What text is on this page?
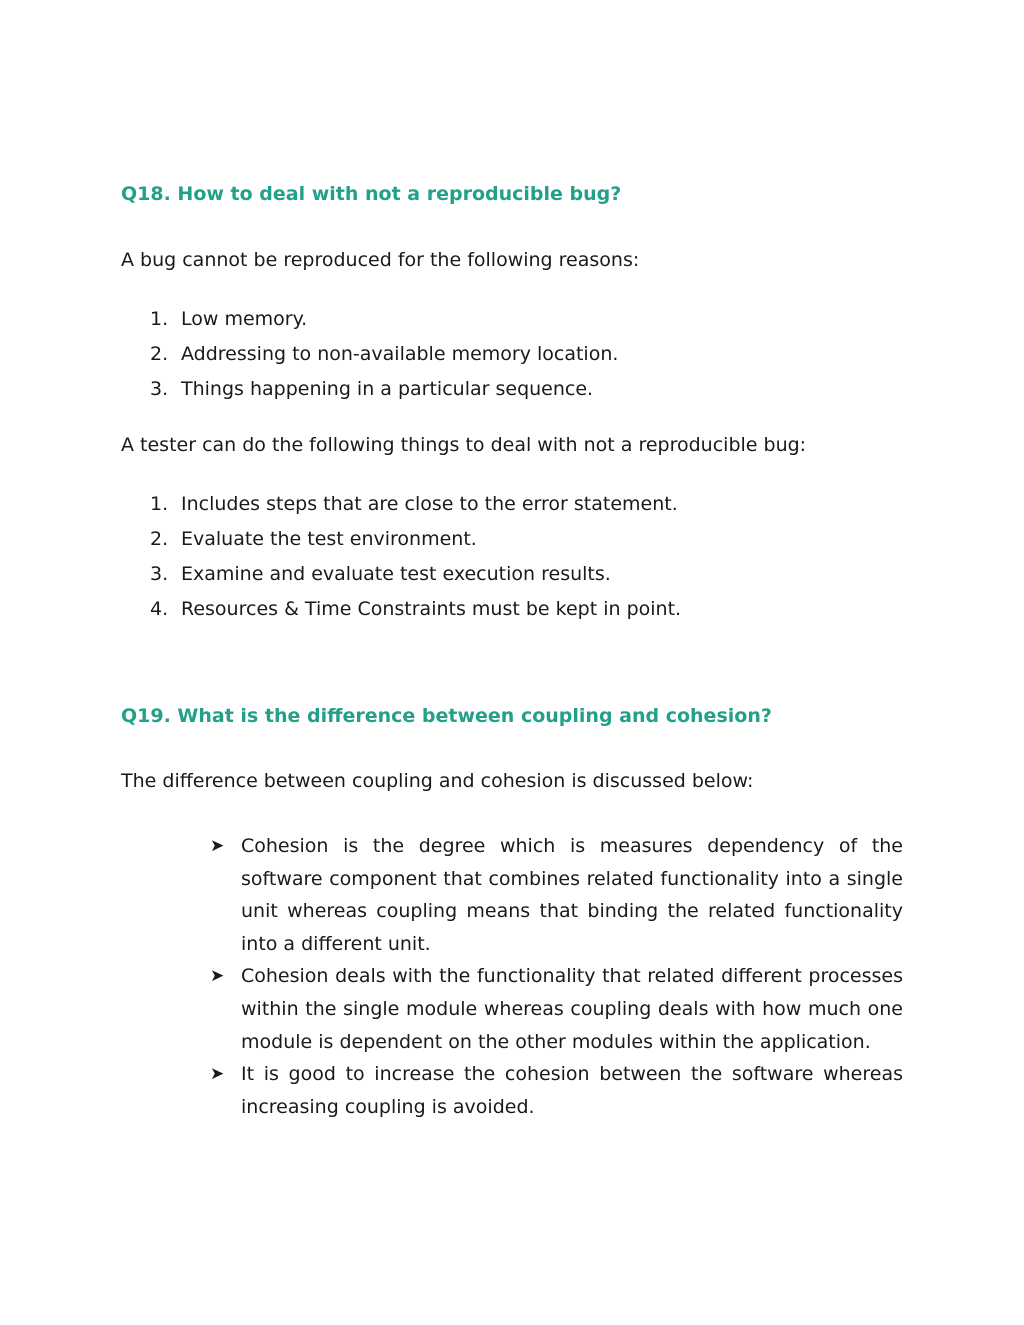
Q18. How to deal with not a reproducible bug?

A bug cannot be reproduced for the following reasons:

1. Low memory.
2. Addressing to non-available memory location.
3. Things happening in a particular sequence.

A tester can do the following things to deal with not a reproducible bug:

1. Includes steps that are close to the error statement.
2. Evaluate the test environment.
3. Examine and evaluate test execution results.
4. Resources & Time Constraints must be kept in point.
Q19. What is the difference between coupling and cohesion?

The difference between coupling and cohesion is discussed below:

➤ Cohesion is the degree which is measures dependency of the software component that combines related functionality into a single unit whereas coupling means that binding the related functionality into a different unit.
➤ Cohesion deals with the functionality that related different processes within the single module whereas coupling deals with how much one module is dependent on the other modules within the application.
➤ It is good to increase the cohesion between the software whereas increasing coupling is avoided.
